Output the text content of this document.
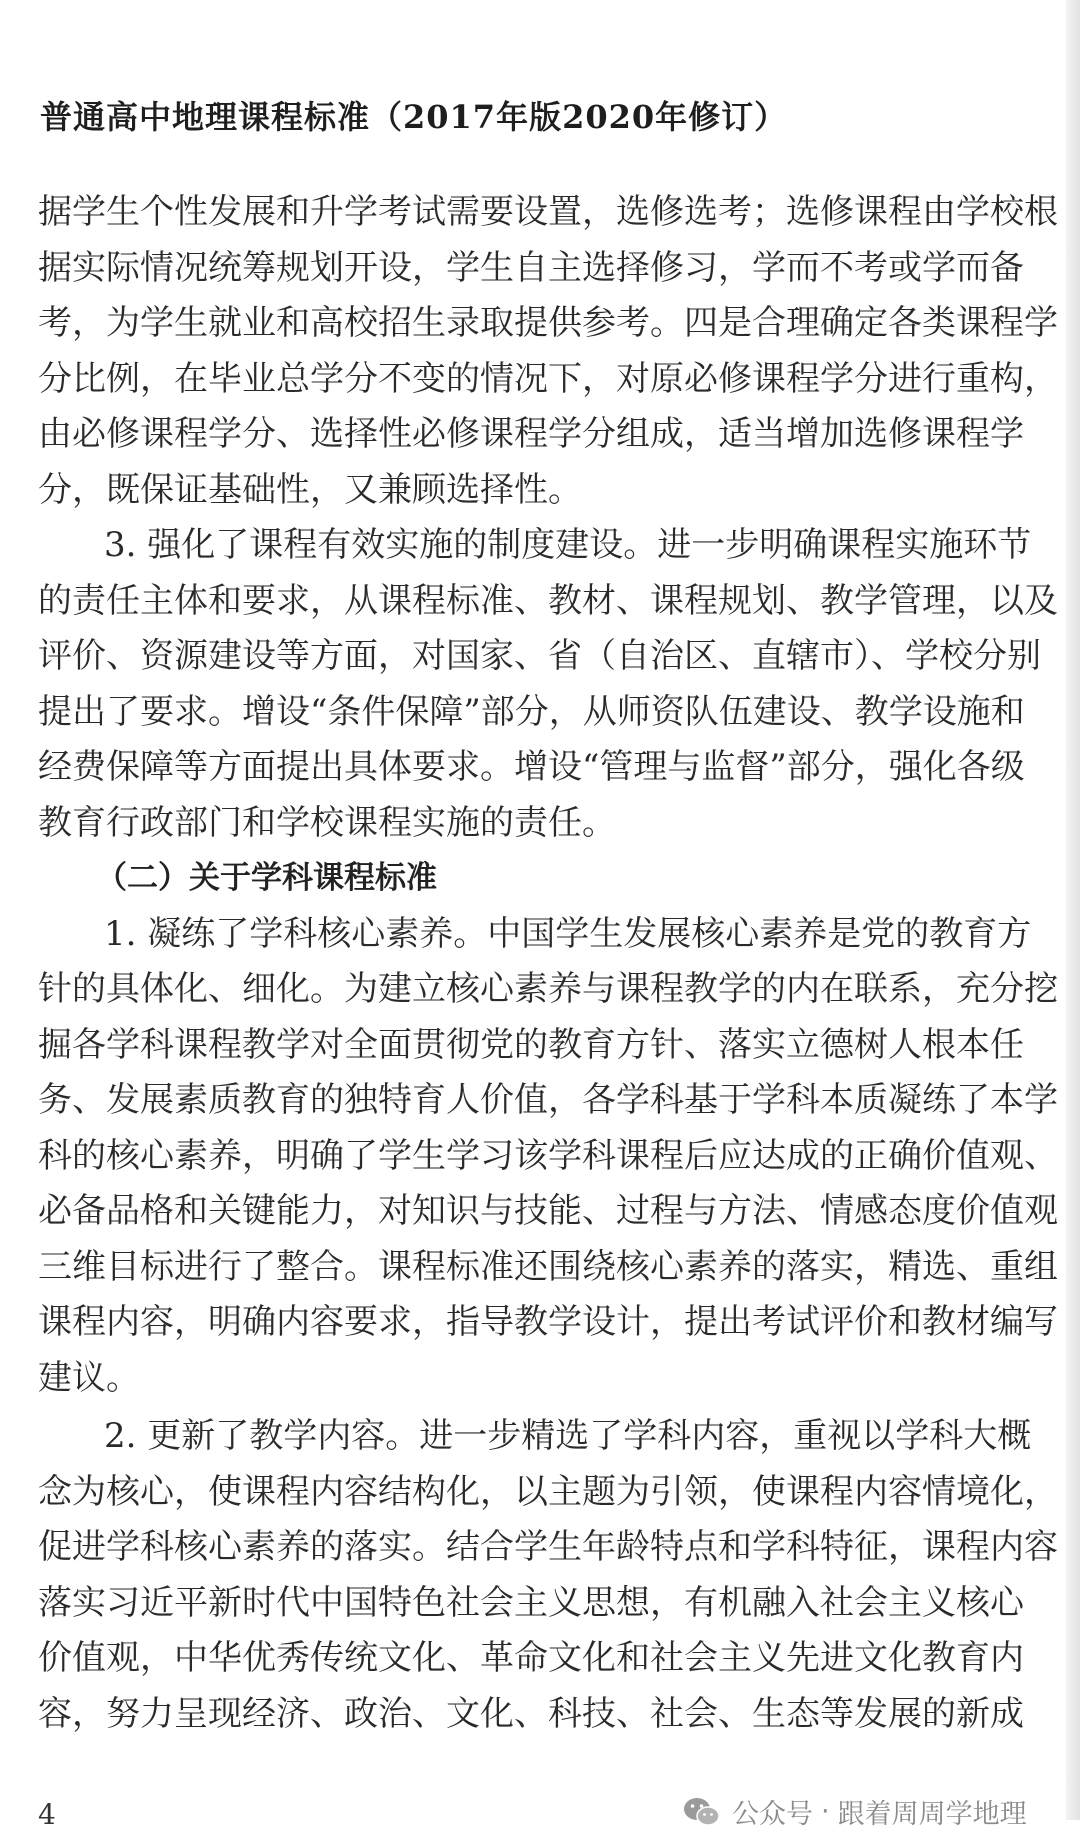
普通高中地理课程标准（2017年版2020年修订）
据学生个性发展和升学考试需要设置，选修选考；选修课程由学校根
据实际情况统筹规划开设，学生自主选择修习，学而不考或学而备
考，为学生就业和高校招生录取提供参考。四是合理确定各类课程学
分比例，在毕业总学分不变的情况下，对原必修课程学分进行重构，
由必修课程学分、选择性必修课程学分组成，适当增加选修课程学
分，既保证基础性，又兼顾选择性。
3. 强化了课程有效实施的制度建设。进一步明确课程实施环节
的责任主体和要求，从课程标准、教材、课程规划、教学管理，以及
评价、资源建设等方面，对国家、省（自治区、直辖市）、学校分别
提出了要求。增设“条件保障”部分，从师资队伍建设、教学设施和
经费保障等方面提出具体要求。增设“管理与监督”部分，强化各级
教育行政部门和学校课程实施的责任。
（二）关于学科课程标准
1. 凝练了学科核心素养。中国学生发展核心素养是党的教育方
针的具体化、细化。为建立核心素养与课程教学的内在联系，充分挖
掘各学科课程教学对全面贯彻党的教育方针、落实立德树人根本任
务、发展素质教育的独特育人价值，各学科基于学科本质凝练了本学
科的核心素养，明确了学生学习该学科课程后应达成的正确价值观、
必备品格和关键能力，对知识与技能、过程与方法、情感态度价值观
三维目标进行了整合。课程标准还围绕核心素养的落实，精选、重组
课程内容，明确内容要求，指导教学设计，提出考试评价和教材编写
建议。
2. 更新了教学内容。进一步精选了学科内容，重视以学科大概
念为核心，使课程内容结构化，以主题为引领，使课程内容情境化，
促进学科核心素养的落实。结合学生年龄特点和学科特征，课程内容
落实习近平新时代中国特色社会主义思想，有机融入社会主义核心
价值观，中华优秀传统文化、革命文化和社会主义先进文化教育内
容，努力呈现经济、政治、文化、科技、社会、生态等发展的新成
4	公众号 · 跟着周周学地理
